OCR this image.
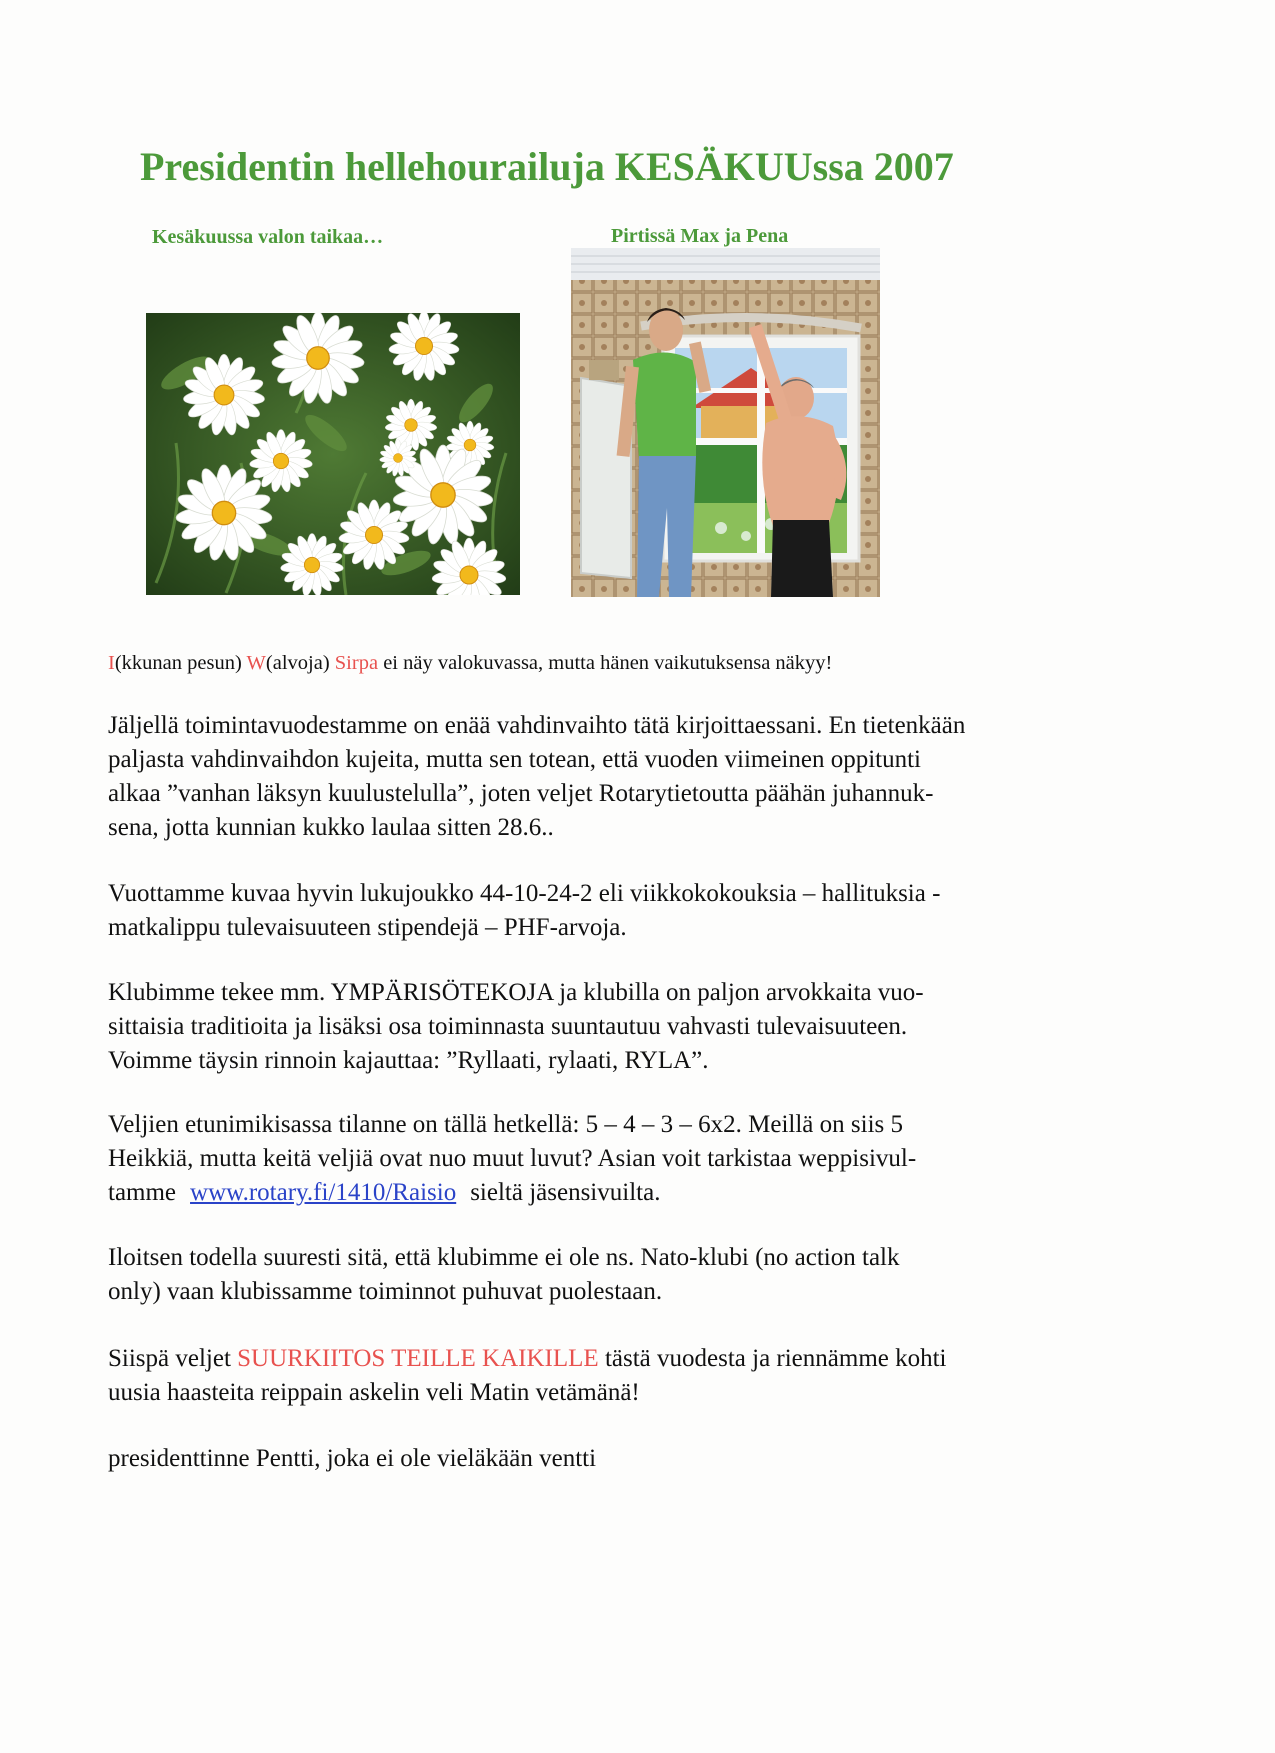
Presidentin hellehourailuja KESÄKUUssa 2007
Kesäkuussa valon taikaa…	Pirtissä Max ja Pena
I(kkunan pesun) W(alvoja) Sirpa ei näy valokuvassa, mutta hänen vaikutuksensa näkyy!

Jäljellä toimintavuodestamme on enää vahdinvaihto tätä kirjoittaessani. En tietenkään
paljasta vahdinvaihdon kujeita, mutta sen totean, että vuoden viimeinen oppitunti
alkaa ”vanhan läksyn kuulustelulla”, joten veljet Rotarytietoutta päähän juhannuk-
sena, jotta kunnian kukko laulaa sitten 28.6..

Vuottamme kuvaa hyvin lukujoukko 44-10-24-2 eli viikkokokouksia – hallituksia -
matkalippu tulevaisuuteen stipendejä – PHF-arvoja.

Klubimme tekee mm. YMPÄRISÖTEKOJA ja klubilla on paljon arvokkaita vuo-
sittaisia traditioita ja lisäksi osa toiminnasta suuntautuu vahvasti tulevaisuuteen.
Voimme täysin rinnoin kajauttaa: ”Ryllaati, rylaati, RYLA”.

Veljien etunimikisassa tilanne on tällä hetkellä: 5 – 4 – 3 – 6x2. Meillä on siis 5
Heikkiä, mutta keitä veljiä ovat nuo muut luvut? Asian voit tarkistaa weppisivul-
tamme www.rotary.fi/1410/Raisio sieltä jäsensivuilta.

Iloitsen todella suuresti sitä, että klubimme ei ole ns. Nato-klubi (no action talk
only) vaan klubissamme toiminnot puhuvat puolestaan.

Siispä veljet SUURKIITOS TEILLE KAIKILLE tästä vuodesta ja riennämme kohti
uusia haasteita reippain askelin veli Matin vetämänä!

presidenttinne Pentti, joka ei ole vieläkään ventti
